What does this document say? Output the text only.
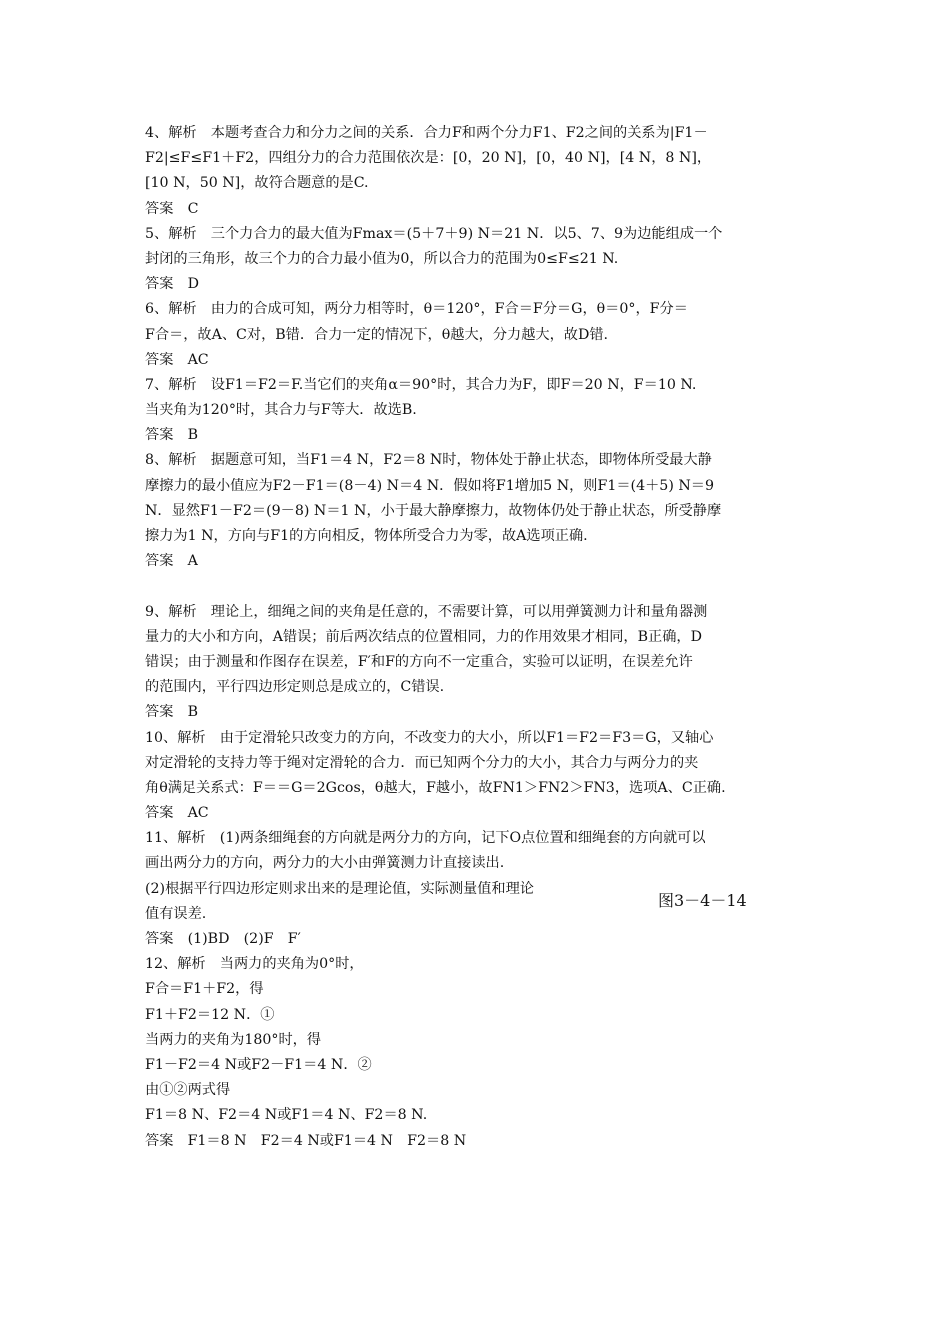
4、解析　本题考查合力和分力之间的关系．合力F和两个分力F1、F2之间的关系为|F1－
F2|≤F≤F1＋F2，四组分力的合力范围依次是：[0，20 N]，[0，40 N]，[4 N，8 N]，
[10 N，50 N]，故符合题意的是C.
答案　C
5、解析　三个力合力的最大值为Fmax＝(5＋7＋9) N＝21 N．以5、7、9为边能组成一个
封闭的三角形，故三个力的合力最小值为0，所以合力的范围为0≤F≤21 N.
答案　D
6、解析　由力的合成可知，两分力相等时，θ＝120°，F合＝F分＝G，θ＝0°，F分＝
F合＝，故A、C对，B错．合力一定的情况下，θ越大，分力越大，故D错.
答案　AC
7、解析　设F1＝F2＝F.当它们的夹角α＝90°时，其合力为F，即F＝20 N，F＝10 N.
当夹角为120°时，其合力与F等大．故选B.
答案　B
8、解析　据题意可知，当F1＝4 N，F2＝8 N时，物体处于静止状态，即物体所受最大静
摩擦力的最小值应为F2－F1＝(8－4) N＝4 N．假如将F1增加5 N，则F1＝(4＋5) N＝9
N．显然F1－F2＝(9－8) N＝1 N，小于最大静摩擦力，故物体仍处于静止状态，所受静摩
擦力为1 N，方向与F1的方向相反，物体所受合力为零，故A选项正确.
答案　A
9、解析　理论上，细绳之间的夹角是任意的，不需要计算，可以用弹簧测力计和量角器测
量力的大小和方向，A错误；前后两次结点的位置相同，力的作用效果才相同，B正确，D
错误；由于测量和作图存在误差，F′和F的方向不一定重合，实验可以证明，在误差允许
的范围内，平行四边形定则总是成立的，C错误.
答案　B
10、解析　由于定滑轮只改变力的方向，不改变力的大小，所以F1＝F2＝F3＝G，又轴心
对定滑轮的支持力等于绳对定滑轮的合力．而已知两个分力的大小，其合力与两分力的夹
角θ满足关系式：F＝＝G＝2Gcos，θ越大，F越小，故FN1＞FN2＞FN3，选项A、C正确.
答案　AC
11、解析　(1)两条细绳套的方向就是两分力的方向，记下O点位置和细绳套的方向就可以
画出两分力的方向，两分力的大小由弹簧测力计直接读出.
(2)根据平行四边形定则求出来的是理论值，实际测量值和理论
值有误差.
答案　(1)BD　(2)F　F′
12、解析　当两力的夹角为0°时，
F合＝F1＋F2，得
F1＋F2＝12 N．①
当两力的夹角为180°时，得
F1－F2＝4 N或F2－F1＝4 N．②
由①②两式得
F1＝8 N、F2＝4 N或F1＝4 N、F2＝8 N.
答案　F1＝8 N　F2＝4 N或F1＝4 N　F2＝8 N
图3－4－14
